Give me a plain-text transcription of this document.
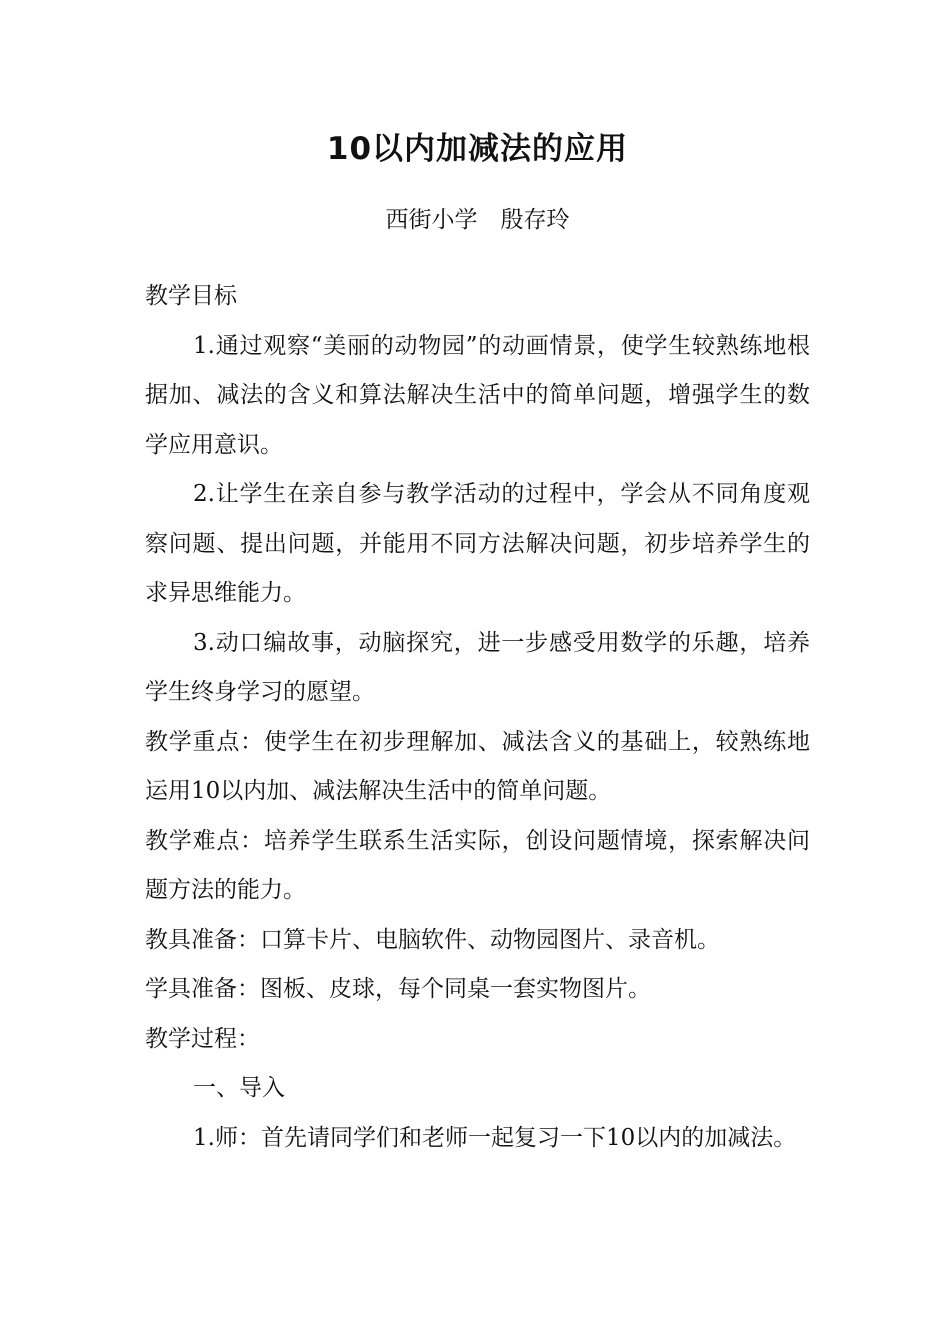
10以内加减法的应用
西街小学　殷存玲

教学目标

1.通过观察“美丽的动物园”的动画情景，使学生较熟练地根据加、减法的含义和算法解决生活中的简单问题，增强学生的数学应用意识。

2.让学生在亲自参与教学活动的过程中，学会从不同角度观察问题、提出问题，并能用不同方法解决问题，初步培养学生的求异思维能力。

3.动口编故事，动脑探究，进一步感受用数学的乐趣，培养学生终身学习的愿望。

教学重点：使学生在初步理解加、减法含义的基础上，较熟练地运用10以内加、减法解决生活中的简单问题。

教学难点：培养学生联系生活实际，创设问题情境，探索解决问题方法的能力。

教具准备：口算卡片、电脑软件、动物园图片、录音机。

学具准备：图板、皮球，每个同桌一套实物图片。

教学过程：

一、导入

1.师：首先请同学们和老师一起复习一下10以内的加减法。
